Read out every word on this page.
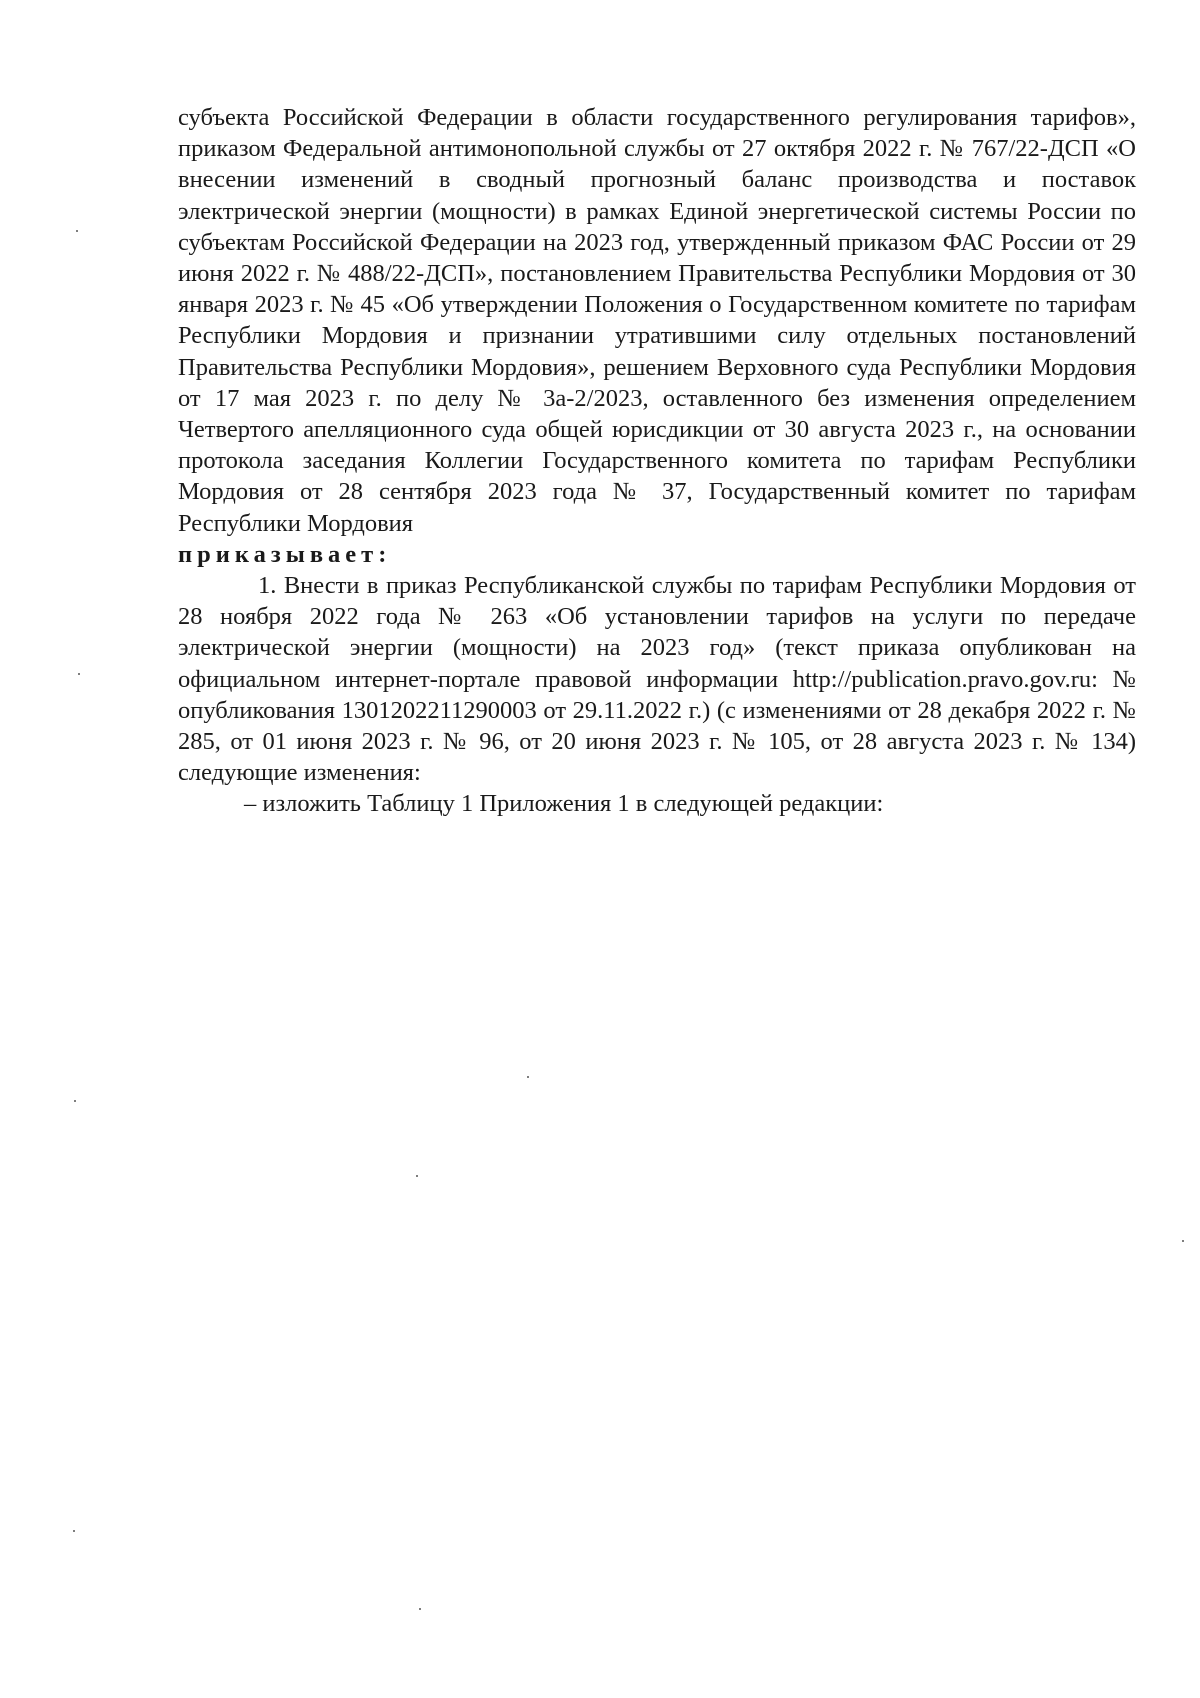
субъекта Российской Федерации в области государственного регулирования тарифов», приказом Федеральной антимонопольной службы от 27 октября 2022 г. № 767/22-ДСП «О внесении изменений в сводный прогнозный баланс производства и поставок электрической энергии (мощности) в рамках Единой энергетической системы России по субъектам Российской Федерации на 2023 год, утвержденный приказом ФАС России от 29 июня 2022 г. № 488/22-ДСП», постановлением Правительства Республики Мордовия от 30 января 2023 г. № 45 «Об утверждении Положения о Государственном комитете по тарифам Республики Мордовия и признании утратившими силу отдельных постановлений Правительства Республики Мордовия», решением Верховного суда Республики Мордовия от 17 мая 2023 г. по делу № 3а-2/2023, оставленного без изменения определением Четвертого апелляционного суда общей юрисдикции от 30 августа 2023 г., на основании протокола заседания Коллегии Государственного комитета по тарифам Республики Мордовия от 28 сентября 2023 года № 37, Государственный комитет по тарифам Республики Мордовия

приказывает:

1. Внести в приказ Республиканской службы по тарифам Республики Мордовия от 28 ноября 2022 года № 263 «Об установлении тарифов на услуги по передаче электрической энергии (мощности) на 2023 год» (текст приказа опубликован на официальном интернет-портале правовой информации http://publication.pravo.gov.ru: № опубликования 1301202211290003 от 29.11.2022 г.) (с изменениями от 28 декабря 2022 г. № 285, от 01 июня 2023 г. № 96, от 20 июня 2023 г. № 105, от 28 августа 2023 г. № 134) следующие изменения:

– изложить Таблицу 1 Приложения 1 в следующей редакции:
